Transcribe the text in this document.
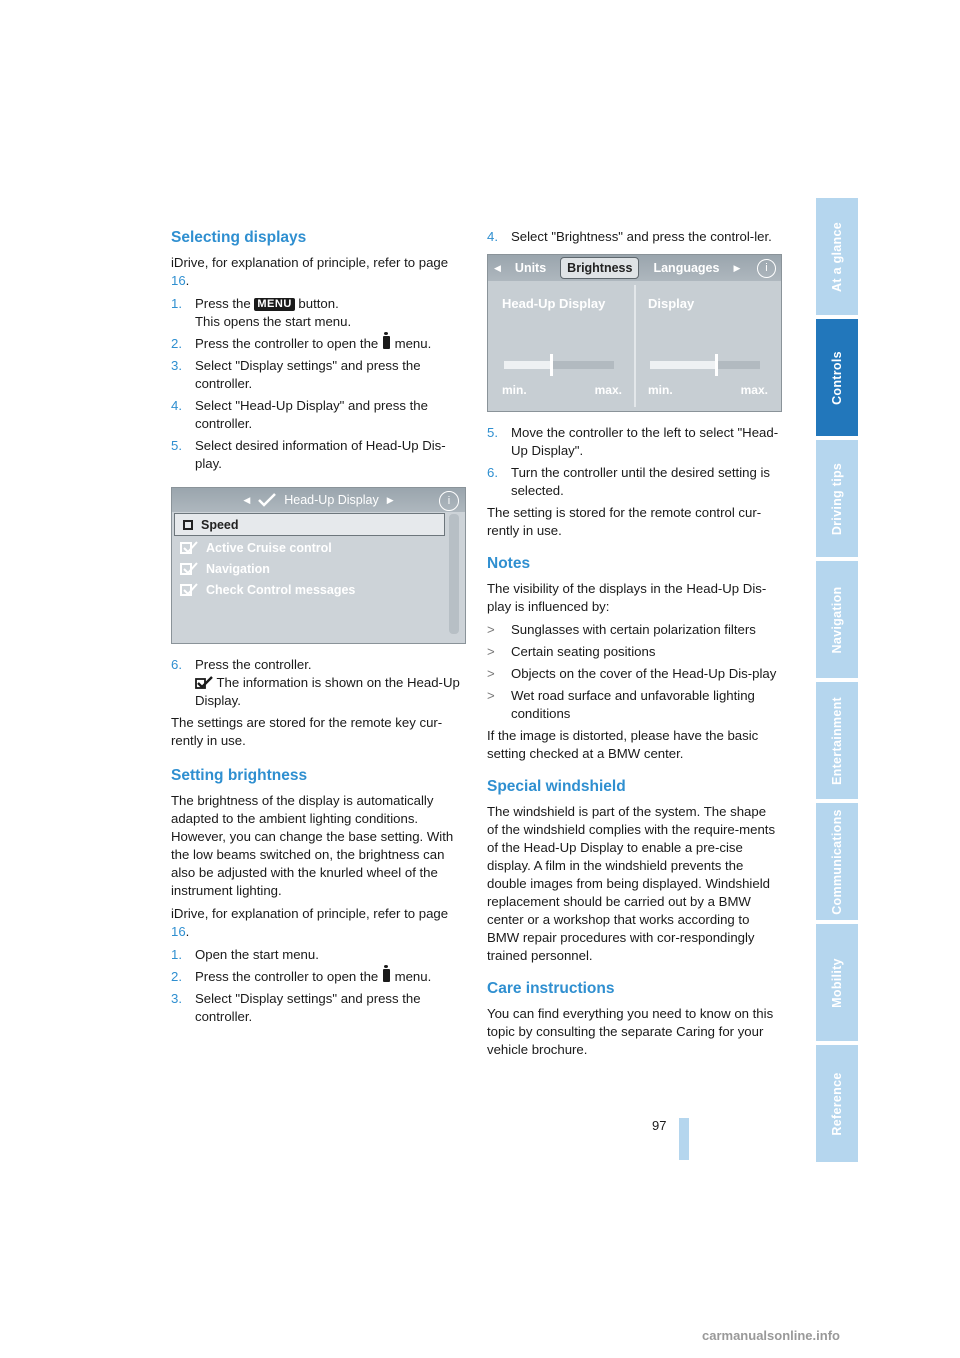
Selecting displays

iDrive, for explanation of principle, refer to page 16.

1. Press the MENU button.
This opens the start menu.
2. Press the controller to open the  menu.
3. Select "Display settings" and press the controller.
4. Select "Head-Up Display" and press the controller.
5. Select desired information of Head-Up Dis-play.
◀	Head-Up Display ▶	i
Speed
Active Cruise control
Navigation
Check Control messages
6. Press the controller.
The information is shown on the Head-Up Display.

The settings are stored for the remote key cur-rently in use.

Setting brightness

The brightness of the display is automatically adapted to the ambient lighting conditions. However, you can change the base setting. With the low beams switched on, the brightness can also be adjusted with the knurled wheel of the instrument lighting.

iDrive, for explanation of principle, refer to page 16.

1. Open the start menu.
2. Press the controller to open the  menu.
3. Select "Display settings" and press the controller.
4. Select "Brightness" and press the control-ler.
◀ Units	Brightness	Languages ▶	i
Head-Up Display
min.	max.
Display
min.	max.
5. Move the controller to the left to select "Head-Up Display".
6. Turn the controller until the desired setting is selected.

The setting is stored for the remote control cur-rently in use.

Notes

The visibility of the displays in the Head-Up Dis-play is influenced by:

> Sunglasses with certain polarization filters
> Certain seating positions
> Objects on the cover of the Head-Up Dis-play
> Wet road surface and unfavorable lighting conditions

If the image is distorted, please have the basic setting checked at a BMW center.

Special windshield

The windshield is part of the system. The shape of the windshield complies with the require-ments of the Head-Up Display to enable a pre-cise display. A film in the windshield prevents the double images from being displayed. Windshield replacement should be carried out by a BMW center or a workshop that works according to BMW repair procedures with cor-respondingly trained personnel.

Care instructions

You can find everything you need to know on this topic by consulting the separate Caring for your vehicle brochure.

At a glance
Controls
Driving tips
Navigation
Entertainment
Communications
Mobility
Reference
97
carmanualsonline.info
